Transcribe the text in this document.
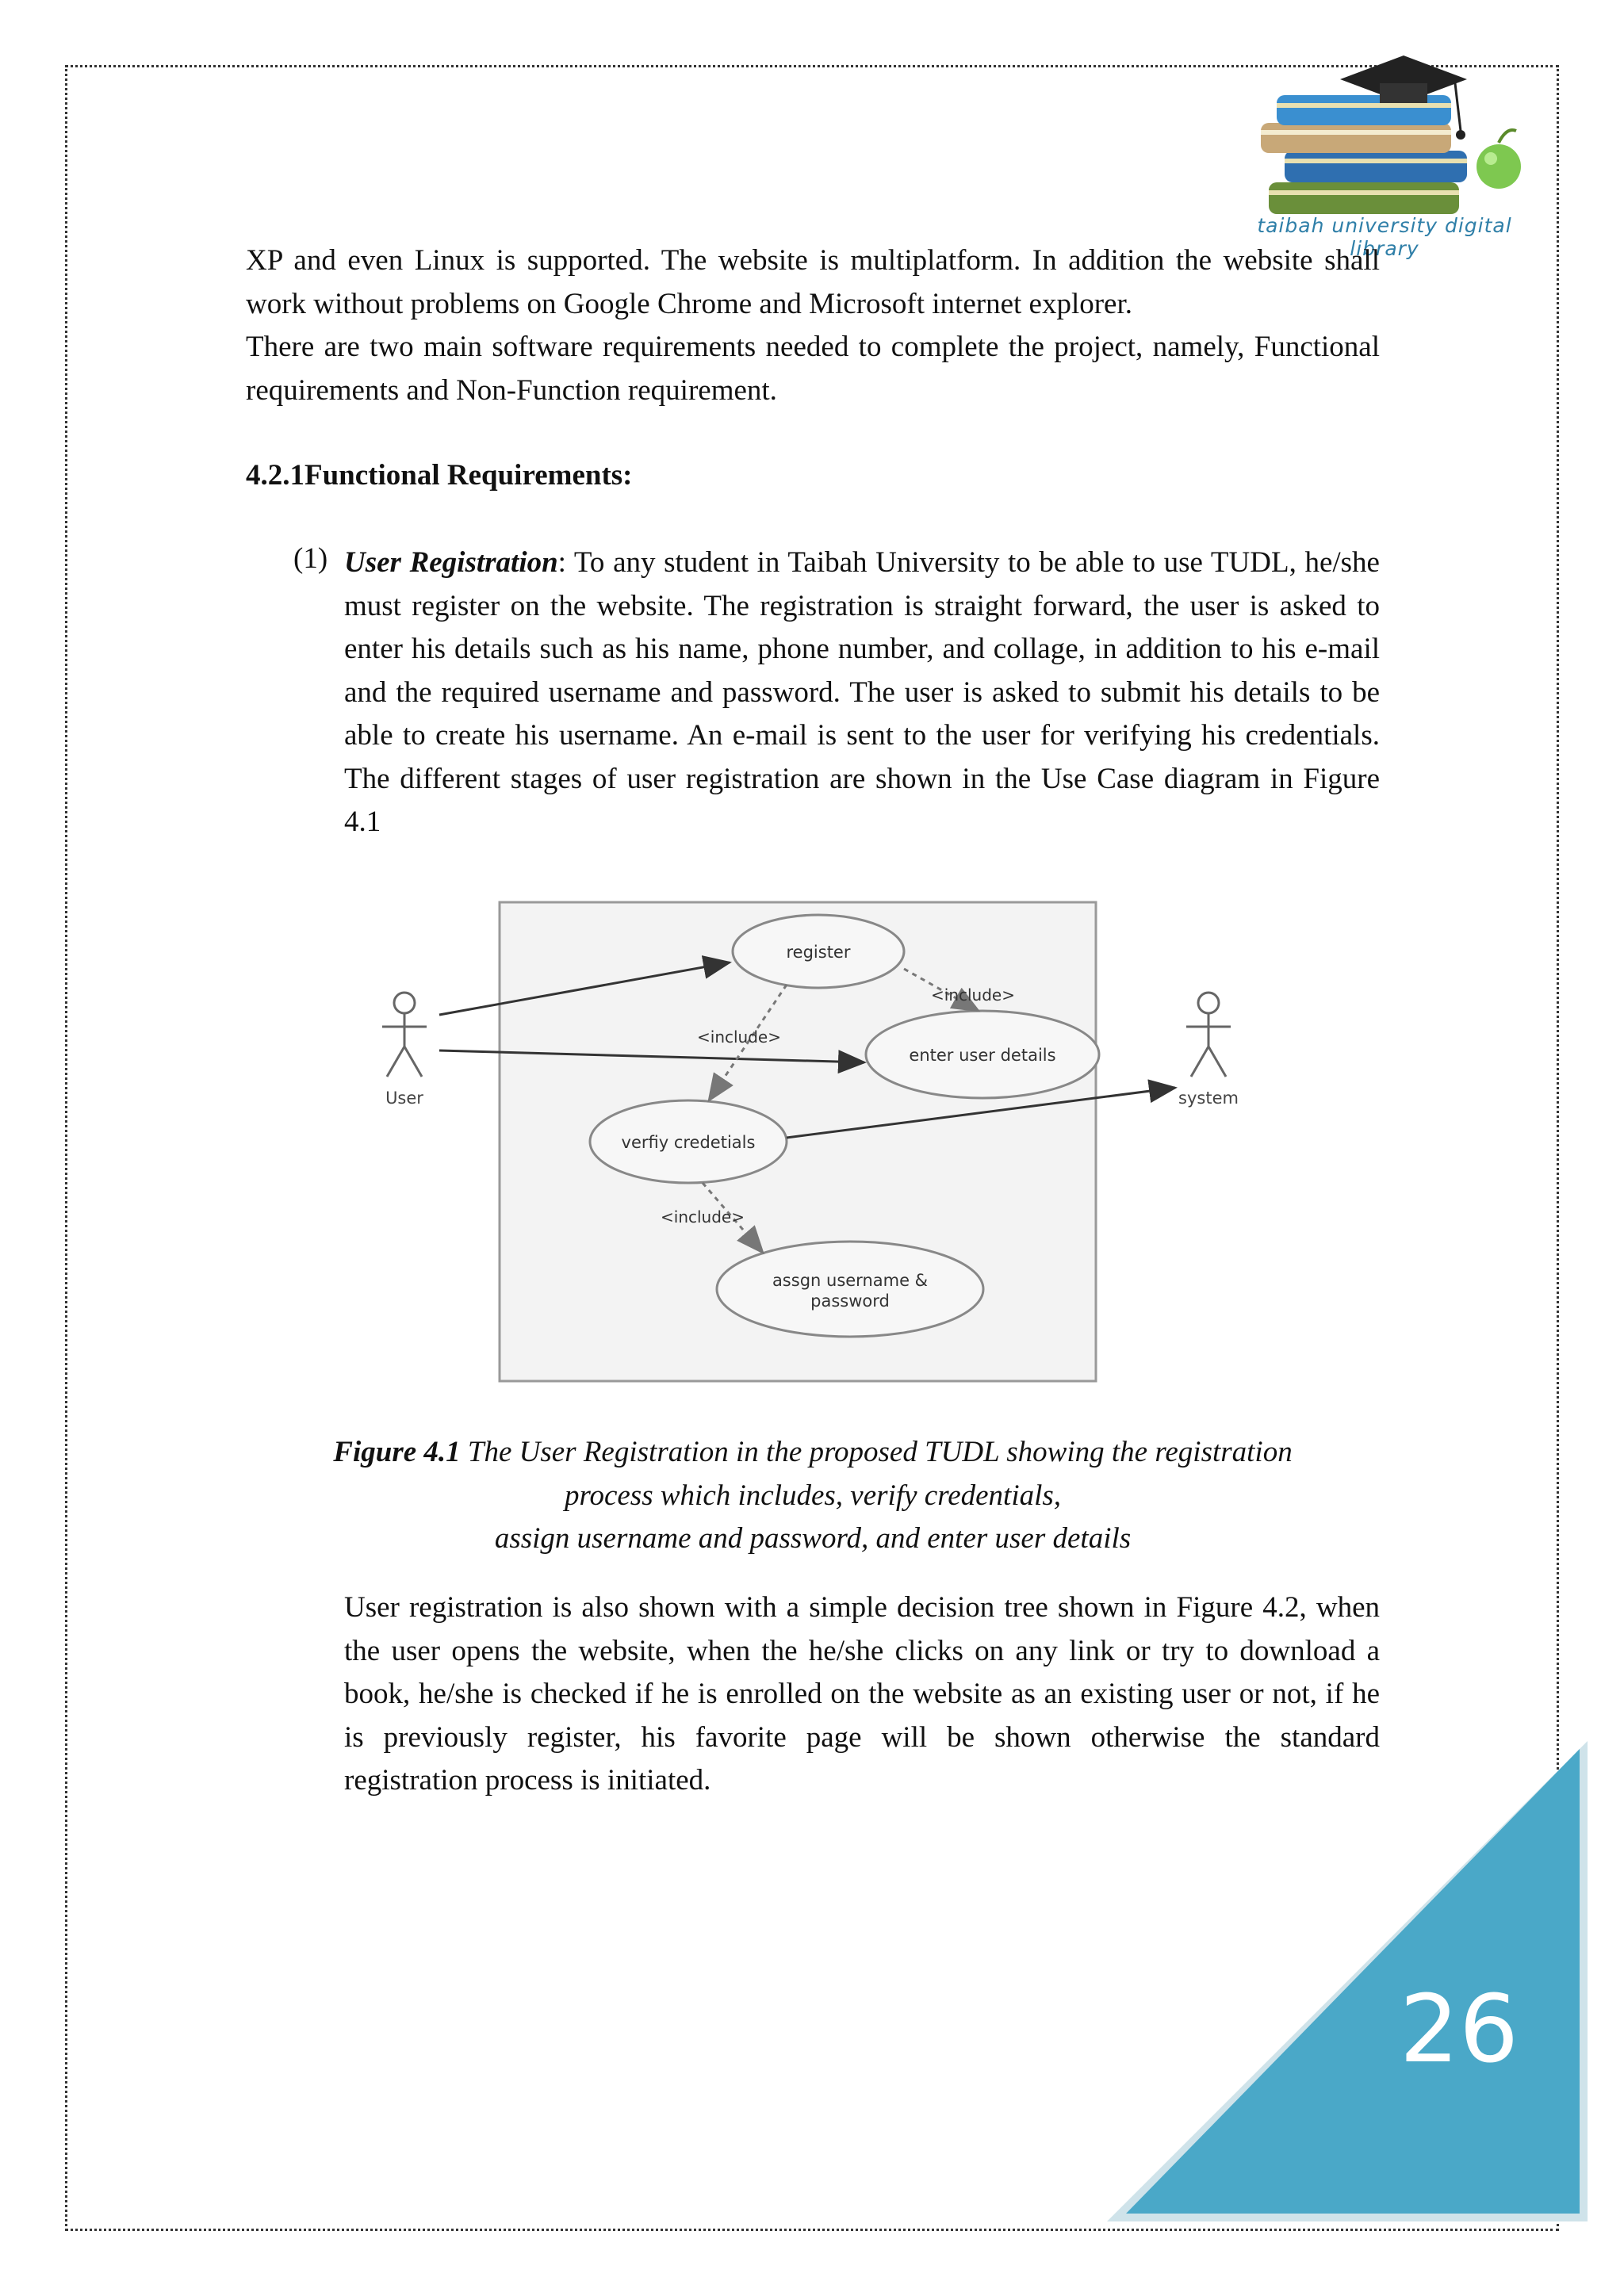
taibah university digital library

XP and even Linux is supported. The website is multiplatform. In addition the website shall work without problems on Google Chrome and Microsoft internet explorer.

There are two main software requirements needed to complete the project, namely, Functional requirements and Non-Function requirement.

4.2.1Functional Requirements:
(1) User Registration: To any student in Taibah University to be able to use TUDL, he/she must register on the website. The registration is straight forward, the user is asked to enter his details such as his name, phone number, and collage, in addition to his e-mail and the required username and password. The user is asked to submit his details to be able to create his username. An e-mail is sent to the user for verifying his credentials. The different stages of user registration are shown in the Use Case diagram in Figure 4.1

User	system
register
enter user details
verfiy credetials
assgn username &
password
<include>
<include>
<include>

Figure 4.1 The User Registration in the proposed TUDL showing the registration

process which includes, verify credentials,

assign username and password, and enter user details

User registration is also shown with a simple decision tree shown in Figure 4.2, when the user opens the website, when the he/she clicks on any link or try to download a book, he/she is checked if he is enrolled on the website as an existing user or not, if he is previously register, his favorite page will be shown otherwise the standard registration process is initiated.

26
